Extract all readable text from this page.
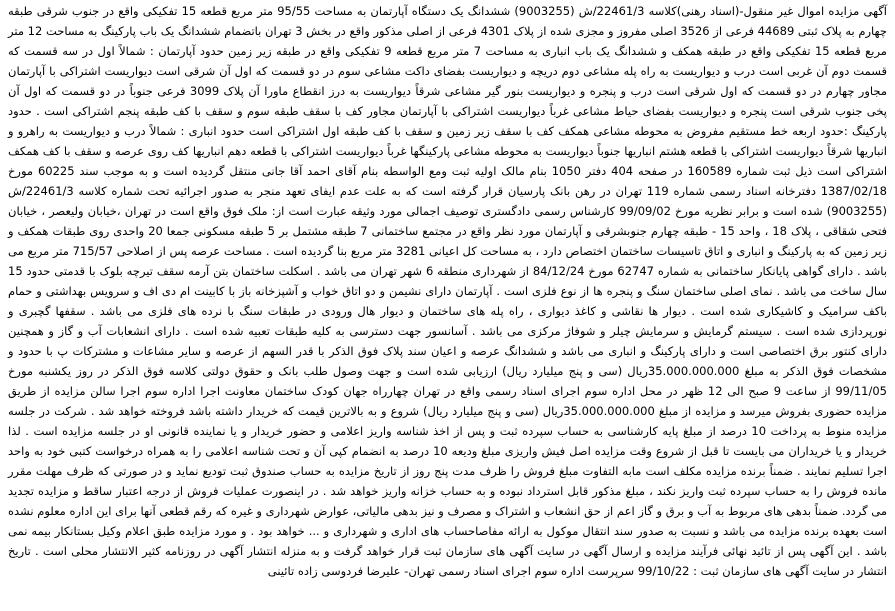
آگهی مزایده اموال غیر منقول-(اسناد رهنی)کلاسه 22461/3/ش (9003255) ششدانگ یک دستگاه آپارتمان به مساحت 95/55 متر مربع قطعه 15 تفکیکی واقع در جنوب شرقی طبقه چهارم به پلاک ثبتی 44689 فرعی از 3526 اصلی مفروز و مجزی شده از پلاک 4301 فرعی از اصلی مذکور واقع در بخش 3 تهران باتضمام ششدانگ یک باب پارکینگ به مساحت 12 متر مربع قطعه 15 تفکیکی واقع در طبقه همکف و ششدانگ یک باب انباری به مساحت 7 متر مربع قطعه 9 تفکیکی واقع در طبقه زیر زمین حدود آپارتمان : شمالاً اول در سه قسمت که قسمت دوم آن غربی است درب و دیواریست به راه پله مشاعی دوم دریچه و دیواریست بفضای داکت مشاعی سوم در دو قسمت که اول آن شرقی است دیواریست اشتراکی با آپارتمان مجاور چهارم در دو قسمت که اول شرقی است درب و پنجره و دیواریست بنور گیر مشاعی شرقاً دیواریست به درز انقطاع ماورا آن پلاک 3099 فرعی جنوباً در دو قسمت که اول آن پخی جنوب شرقی است پنجره و دیواریست بفضای حیاط مشاعی غرباً دیواریست اشتراکی با آپارتمان مجاور کف با سقف طبقه سوم و سقف با کف طبقه پنجم اشتراکی است . حدود پارکینگ :حدود اربعه خط مستقیم مفروض به محوطه مشاعی همکف کف با سقف زیر زمین و سقف با کف طبقه اول اشتراکی است حدود انباری : شمالاً درب و دیواریست به راهرو و انباریها شرقاً دیواریست اشتراکی با قطعه هشتم انباریها جنوباً دیواریست به محوطه مشاعی پارکینگها غرباً دیواریست اشتراکی با قطعه دهم انباریها کف روی عرصه و سقف با کف همکف اشتراکی است ذیل ثبت شماره 160589 در صفحه 404 دفتر 1050 بنام مالک اولیه ثبت ومع الواسطه بنام آقای احمد آقا جانی منتقل گردیده است و به موجب سند 60225 مورخ 1387/02/18 دفترخانه اسناد رسمی شماره 119 تهران در رهن بانک پارسیان قرار گرفته است که به علت عدم ایفای تعهد منجر به صدور اجرائیه تحت شماره کلاسه 22461/3/ش (9003255) شده است و برابر نظریه مورخ 99/09/02 کارشناس رسمی دادگستری توصیف اجمالی مورد وثیقه عبارت است از: ملک فوق واقع است در تهران ،خیابان ولیعصر ، خیابان فتحی شقاقی ، پلاک 18 ، واحد 15 - طبقه چهارم جنوبشرقی و آپارتمان مورد نظر واقع در مجتمع ساختمانی 7 طبقه مشتمل بر 5 طبقه مسکونی جمعا 20 واحدی روی طبقات همکف و زیر زمین که به پارکینگ و انباری و اتاق تاسیسات ساختمان اختصاص دارد ، به مساحت کل اعیانی 3281 متر مربع بنا گردیده است . مساحت عرصه پس از اصلاحی 715/57 متر مربع می باشد . دارای گواهی پایانکار ساختمانی به شماره 62747 مورخ 84/12/24 از شهرداری منطقه 6 شهر تهران می باشد . اسکلت ساختمان بتن آرمه سقف تیرچه بلوک با قدمتی حدود 15 سال ساخت می باشد . نمای اصلی ساختمان سنگ و پنجره ها از نوع فلزی است . آپارتمان دارای نشیمن و دو اتاق خواب و آشپزخانه باز با کابینت ام دی اف و سرویس بهداشتی و حمام باکف سرامیک و کاشیکاری شده است . دیوار ها نقاشی و کاغذ دیواری ، راه پله های ساختمان و دیوار هال ورودی در طبقات سنگ با نرده های فلزی می باشد . سقفها گچبری و نورپردازی شده است . سیستم گرمایش و سرمایش چیلر و شوفاژ مرکزی می باشد . آسانسور جهت دسترسی به کلیه طبقات تعبیه شده است . دارای انشعابات آب و گاز و همچنین دارای کنتور برق اختصاصی است و دارای پارکینگ و انباری می باشد و ششدانگ عرصه و اعیان سند پلاک فوق الذکر با قدر السهم از عرصه و سایر مشاعات و مشترکات پ با حدود و مشخصات فوق الذکر به مبلغ 35.000.000.000ریال (سی و پنج میلیارد ریال) ارزیابی شده است و جهت وصول طلب بانک و حقوق دولتی کلاسه فوق الذکر در روز یکشنبه مورخ 99/11/05 از ساعت 9 صبح الی 12 ظهر در محل اداره سوم اجرای اسناد رسمی واقع در تهران چهارراه جهان کودک ساختمان معاونت اجرا اداره سوم اجرا سالن مزایده از طریق مزایده حضوری بفروش میرسد و مزایده از مبلغ 35.000.000.000ریال (سی و پنج میلیارد ریال) شروع و به بالاترین قیمت که خریدار داشته باشد فروخته خواهد شد . شرکت در جلسه مزایده منوط به پرداخت 10 درصد از مبلغ پایه کارشناسی به حساب سپرده ثبت و پس از اخذ شناسه واریز اعلامی و حضور خریدار و یا نماینده قانونی او در جلسه مزایده است . لذا خریدار و یا خریداران می بایست تا قبل از شروع وقت مزایده اصل فیش واریزی مبلغ ودیعه 10 درصد به انضمام کپی آن و تحت شناسه اعلامی را به همراه درخواست کتبی خود به واحد اجرا تسلیم نمایند . ضمناً برنده مزایده مکلف است مابه التفاوت مبلغ فروش را ظرف مدت پنج روز از تاریخ مزایده به حساب صندوق ثبت تودیع نماید و در صورتی که ظرف مهلت مقرر مانده فروش را به حساب سپرده ثبت واریز نکند ، مبلغ مذکور قابل استرداد نبوده و به حساب خزانه واریز خواهد شد . در اینصورت عملیات فروش از درجه اعتبار ساقط و مزایده تجدید می گردد. ضمناً بدهی های مربوط به آب و برق و گاز اعم از حق انشعاب و اشتراک و مصرف و نیز بدهی مالیاتی، عوارض شهرداری و غیره که رقم قطعی آنها برای این اداره معلوم نشده است بعهده برنده مزایده می باشد و نسبت به صدور سند انتقال موکول به ارائه مفاصاحساب های اداری و شهرداری و ... خواهد بود . و مورد مزایده طبق اعلام وکیل بستانکار بیمه نمی باشد . این آگهی پس از تائید نهائی فرآیند مزایده و ارسال آگهی در سایت آگهی های سازمان ثبت قرار خواهد گرفت و به منزله انتشار آگهی در روزنامه کثیر الانتشار محلی است . تاریخ انتشار در سایت آگهی های سازمان ثبت : 99/10/22 سرپرست اداره سوم اجرای اسناد رسمی تهران- علیرضا فردوسی زاده تائینی
